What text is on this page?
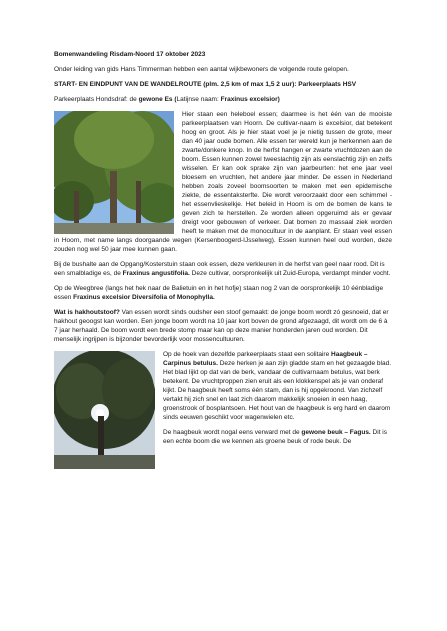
Bomenwandeling Risdam-Noord 17 oktober 2023

Onder leiding van gids Hans Timmerman hebben een aantal wijkbewoners de volgende route gelopen.

START- EN EINDPUNT VAN DE WANDELROUTE (plm. 2,5 km of max 1,5 2 uur): Parkeerplaats HSV

Parkeerplaats Hondsdraf: de gewone Es (Latijnse naam: Fraxinus excelsior)

Hier staan een heleboel essen; daarmee is het één van de mooiste parkeerplaatsen van Hoorn. De cultivar-naam is excelsior, dat betekent hoog en groot. Als je hier staat voel je je nietig tussen de grote, meer dan 40 jaar oude bomen. Alle essen ter wereld kun je herkennen aan de zwarte/donkere knop. In de herfst hangen er zwarte vruchtdozen aan de boom. Essen kunnen zowel tweeslachtig zijn als eenslachtig zijn en zelfs wisselen. Er kan ook sprake zijn van jaarbeurten: het ene jaar veel bloesem en vruchten, het andere jaar minder. De essen in Nederland hebben zoals zoveel boomsoorten te maken met een epidemische ziekte, de essentaksterfte. Die wordt veroorzaakt door een schimmel - het essenvlieskelkje. Het beleid in Hoorn is om de bomen de kans te geven zich te herstellen. Ze worden alleen opgeruimd als er gevaar dreigt voor gebouwen of verkeer. Dat bomen zo massaal ziek worden heeft te maken met de monocultuur in de aanplant. Er staan veel essen in Hoorn, met name langs doorgaande wegen (Kersenboogerd-IJsselweg). Essen kunnen heel oud worden, deze zouden nog wel 50 jaar mee kunnen gaan.

Bij de bushalte aan de Opgang/Kosterstuin staan ook essen, deze verkleuren in de herfst van geel naar rood. Dit is een smalbladige es, de Fraxinus angustifolia. Deze cultivar, oorspronkelijk uit Zuid-Europa, verdampt minder vocht.

Op de Weegbree (langs het hek naar de Balietuin en in het hofje) staan nog 2 van de oorspronkelijk 10 éénbladige essen Fraxinus excelsior Diversifolia of Monophylla.

Wat is hakhoutstoof? Van essen wordt sinds oudsher een stoof gemaakt: de jonge boom wordt zó gesnoeid, dat er hakhout geoogst kan worden. Een jonge boom wordt na 10 jaar kort boven de grond afgezaagd, dit wordt om de 6 à 7 jaar herhaald. De boom wordt een brede stomp maar kan op deze manier honderden jaren oud worden. Dit menselijk ingrijpen is bijzonder bevorderlijk voor mossencultuuren.

Op de hoek van dezelfde parkeerplaats staat een solitaire Haagbeuk – Carpinus betulus. Deze herken je aan zijn gladde stam en het gezaagde blad. Het blad lijkt op dat van de berk, vandaar de cultivarnaam betulus, wat berk betekent. De vruchtproppen zien eruit als een klokkenspel als je van onderaf kijkt. De haagbeuk heeft soms één stam, dan is hij opgekroond. Van zichzelf vertakt hij zich snel en laat zich daarom makkelijk snoeien in een haag, groenstrook of bosplantsoen. Het hout van de haagbeuk is erg hard en daarom sinds eeuwen geschikt voor wagenwielen etc.

De haagbeuk wordt nogal eens verward met de gewone beuk – Fagus. Dit is een echte boom die we kennen als groene beuk of rode beuk. De
